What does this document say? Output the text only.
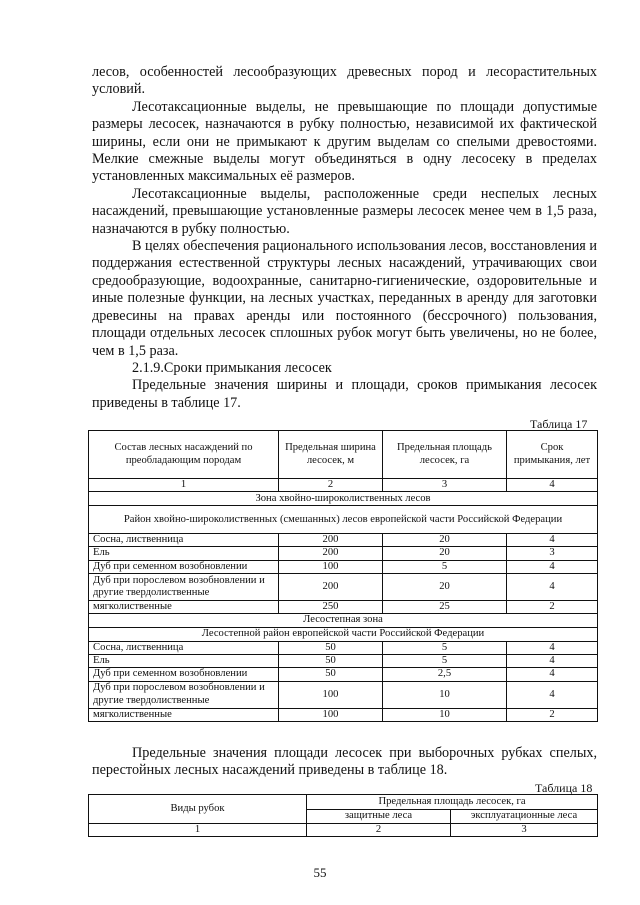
лесов, особенностей лесообразующих древесных пород и лесорастительных условий.

Лесотаксационные выделы, не превышающие по площади допустимые размеры лесосек, назначаются в рубку полностью, независимой их фактической ширины, если они не примыкают к другим выделам со спелыми древостоями. Мелкие смежные выделы могут объединяться в одну лесосеку в пределах установленных максимальных её размеров.

Лесотаксационные выделы, расположенные среди неспелых лесных насаждений, превышающие установленные размеры лесосек менее чем в 1,5 раза, назначаются в рубку полностью.

В целях обеспечения рационального использования лесов, восстановления и поддержания естественной структуры лесных насаждений, утрачивающих свои средообразующие, водоохранные, санитарно-гигиенические, оздоровительные и иные полезные функции, на лесных участках, переданных в аренду для заготовки древесины на правах аренды или постоянного (бессрочного) пользования, площади отдельных лесосек сплошных рубок могут быть увеличены, но не более, чем в 1,5 раза.

2.1.9.Сроки примыкания лесосек

Предельные значения ширины и площади, сроков примыкания лесосек приведены в таблице 17.

Таблица 17
Состав лесных насаждений по преобладающим породам	Предельная ширина лесосек, м	Предельная площадь лесосек, га	Срок примыкания, лет
1	2	3	4
Зона хвойно-широколиственных лесов			
Район хвойно-широколиственных (смешанных) лесов европейской части Российской Федерации			
Сосна, лиственница	200	20	4
Ель	200	20	3
Дуб при семенном возобновлении	100	5	4
Дуб при порослевом возобновлении и другие твердолиственные	200	20	4
мягколиственные	250	25	2
Лесостепная зона			
Лесостепной район европейской части Российской Федерации			
Сосна, лиственница	50	5	4
Ель	50	5	4
Дуб при семенном возобновлении	50	2,5	4
Дуб при порослевом возобновлении и другие твердолиственные	100	10	4
мягколиственные	100	10	2
Предельные значения площади лесосек при выборочных рубках спелых, перестойных лесных насаждений приведены в таблице 18.
Таблица 18
Виды рубок	Предельная площадь лесосек, га	
	защитные леса	эксплуатационные леса
1	2	3
55
